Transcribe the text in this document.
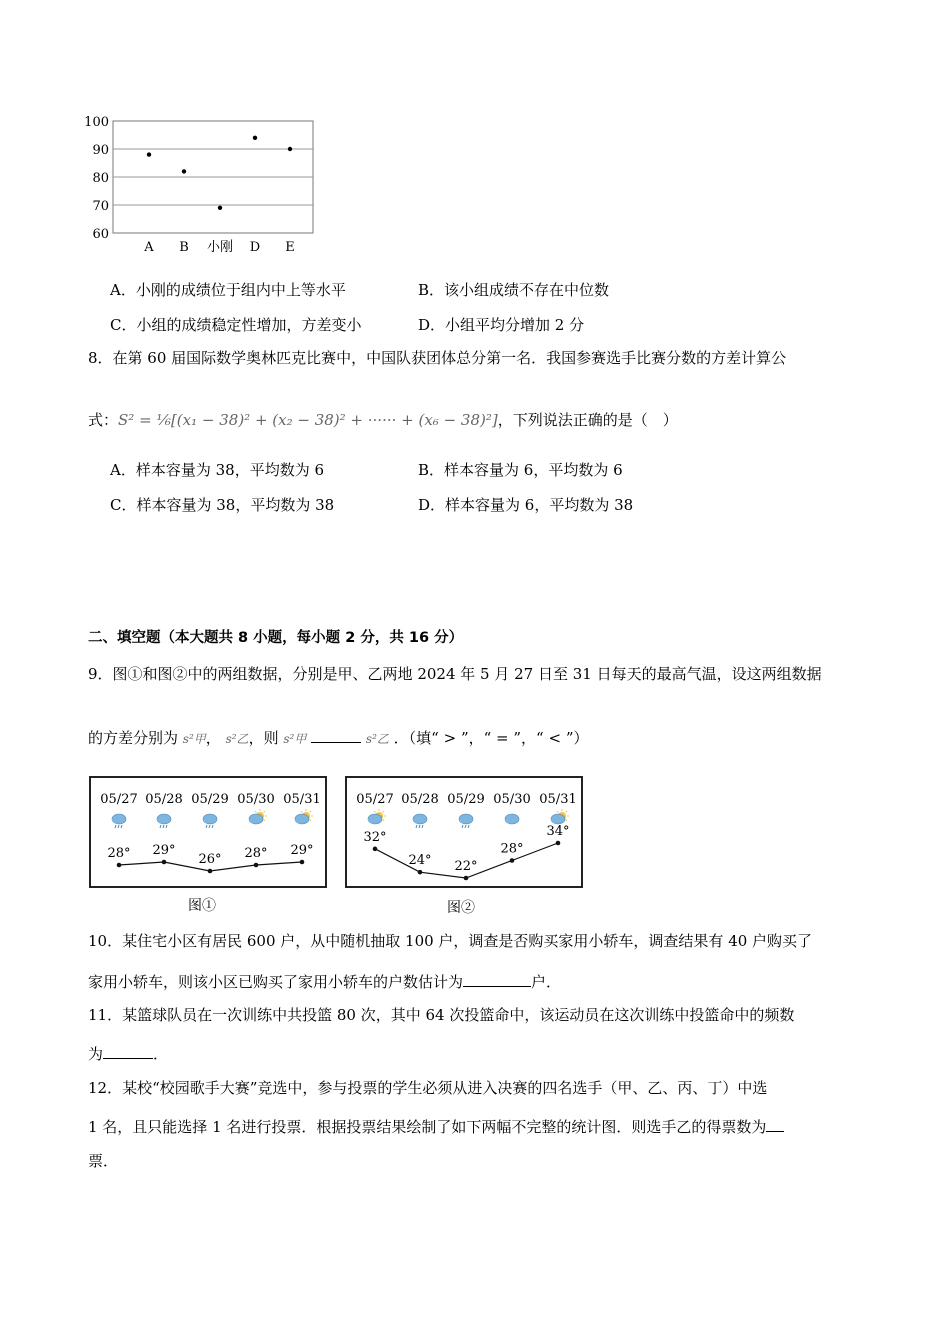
100
90
80
70
60
A B 小刚 D E
A．小刚的成绩位于组内中上等水平	B．该小组成绩不存在中位数
C．小组的成绩稳定性增加，方差变小	D．小组平均分增加 2 分
8．在第 60 届国际数学奥林匹克比赛中，中国队获团体总分第一名．我国参赛选手比赛分数的方差计算公
式：S² = ⅙[(x₁ − 38)² + (x₂ − 38)² + ······ + (x₆ − 38)²]，下列说法正确的是（　）
A．样本容量为 38，平均数为 6	B．样本容量为 6，平均数为 6
C．样本容量为 38，平均数为 38	D．样本容量为 6，平均数为 38
二、填空题（本大题共 8 小题，每小题 2 分，共 16 分）
9．图①和图②中的两组数据，分别是甲、乙两地 2024 年 5 月 27 日至 31 日每天的最高气温，设这两组数据
的方差分别为 s²甲， s²乙，则 s²甲	s²乙 ．（填“ > ”，“ = ”，“ < ”）
05/27 05/28 05/29 05/30 05/31
28° 29°
26° 28° 29°
图①
05/27 05/28 05/29 05/30 05/31
32°
24° 22°
28°
34°
图②
10．某住宅小区有居民 600 户，从中随机抽取 100 户，调查是否购买家用小轿车，调查结果有 40 户购买了
家用小轿车，则该小区已购买了家用小轿车的户数估计为	户．
11．某篮球队员在一次训练中共投篮 80 次，其中 64 次投篮命中，该运动员在这次训练中投篮命中的频数
为	．
12．某校“校园歌手大赛”竞选中，参与投票的学生必须从进入决赛的四名选手（甲、乙、丙、丁）中选
1 名，且只能选择 1 名进行投票．根据投票结果绘制了如下两幅不完整的统计图．则选手乙的得票数为
票．
